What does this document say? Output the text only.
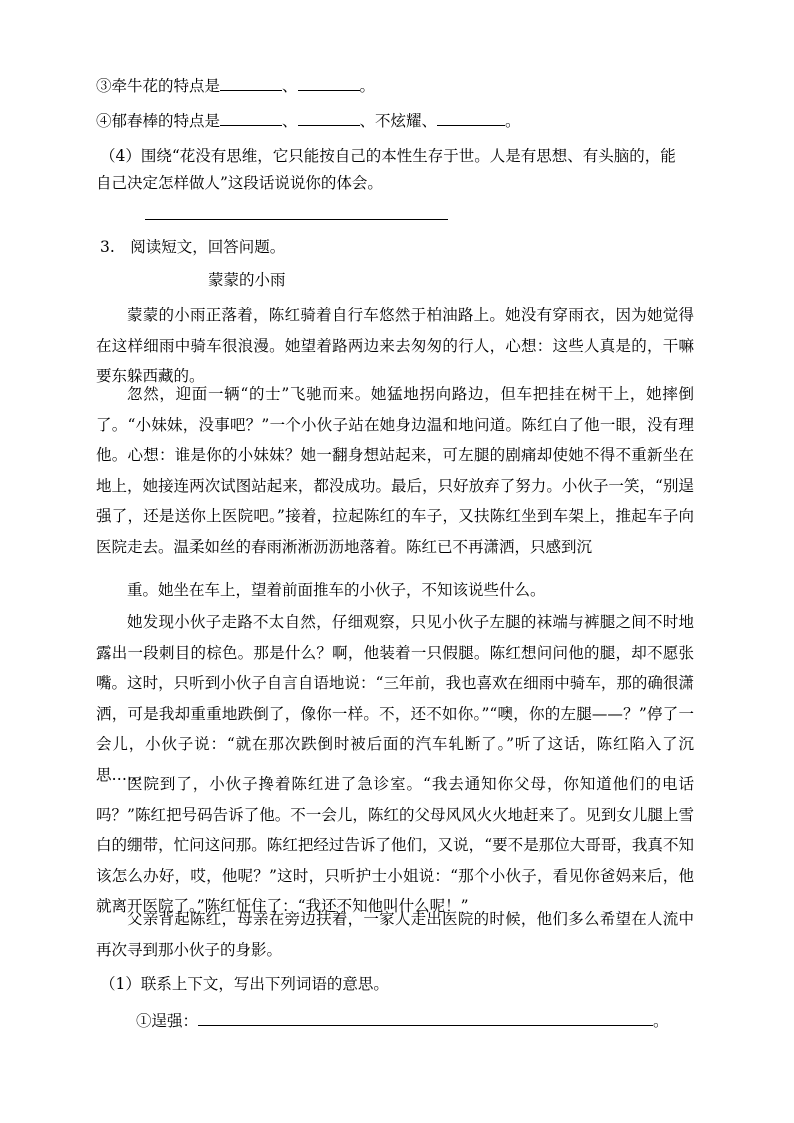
③牵牛花的特点是	、	。
④郁春棒的特点是	、	、不炫耀、	。
（4）围绕“花没有思维，它只能按自己的本性生存于世。人是有思想、有头脑的，能
自己决定怎样做人”这段话说说你的体会。
3.　阅读短文，回答问题。
蒙蒙的小雨
蒙蒙的小雨正落着，陈红骑着自行车悠然于柏油路上。她没有穿雨衣，因为她觉得在这样细雨中骑车很浪漫。她望着路两边来去匆匆的行人，心想：这些人真是的，干嘛要东躲西藏的。
忽然，迎面一辆“的士”飞驰而来。她猛地拐向路边，但车把挂在树干上，她摔倒了。“小妹妹，没事吧？”一个小伙子站在她身边温和地问道。陈红白了他一眼，没有理他。心想：谁是你的小妹妹？她一翻身想站起来，可左腿的剧痛却使她不得不重新坐在地上，她接连两次试图站起来，都没成功。最后，只好放弃了努力。小伙子一笑，“别逞强了，还是送你上医院吧。”接着，拉起陈红的车子，又扶陈红坐到车架上，推起车子向医院走去。温柔如丝的春雨淅淅沥沥地落着。陈红已不再潇洒，只感到沉
重。她坐在车上，望着前面推车的小伙子，不知该说些什么。
她发现小伙子走路不太自然，仔细观察，只见小伙子左腿的袜端与裤腿之间不时地露出一段刺目的棕色。那是什么？啊，他装着一只假腿。陈红想问问他的腿，却不愿张嘴。这时，只听到小伙子自言自语地说：“三年前，我也喜欢在细雨中骑车，那的确很潇洒，可是我却重重地跌倒了，像你一样。不，还不如你。”“噢，你的左腿——？”停了一会儿，小伙子说：“就在那次跌倒时被后面的汽车轧断了。”听了这话，陈红陷入了沉思……
医院到了，小伙子搀着陈红进了急诊室。“我去通知你父母，你知道他们的电话吗？”陈红把号码告诉了他。不一会儿，陈红的父母风风火火地赶来了。见到女儿腿上雪白的绷带，忙问这问那。陈红把经过告诉了他们，又说，“要不是那位大哥哥，我真不知该怎么办好，哎，他呢？”这时，只听护士小姐说：“那个小伙子，看见你爸妈来后，他就离开医院了。”陈红怔住了：“我还不知他叫什么呢！”
父亲背起陈红，母亲在旁边扶着，一家人走出医院的时候，他们多么希望在人流中再次寻到那小伙子的身影。
（1）联系上下文，写出下列词语的意思。
①逞强：	。
